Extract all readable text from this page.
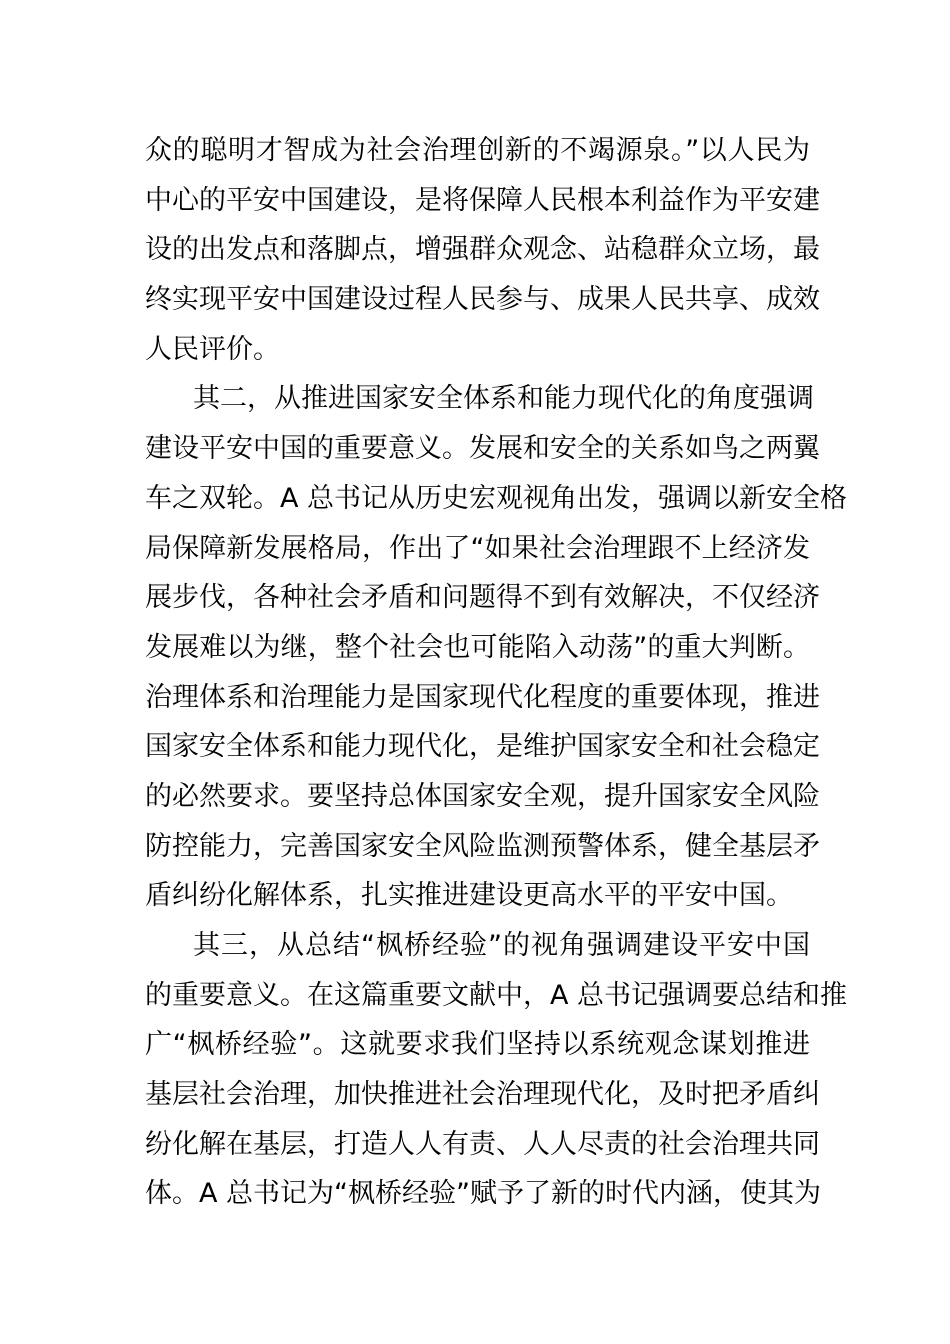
众的聪明才智成为社会治理创新的不竭源泉。”以人民为
中心的平安中国建设，是将保障人民根本利益作为平安建
设的出发点和落脚点，增强群众观念、站稳群众立场，最
终实现平安中国建设过程人民参与、成果人民共享、成效
人民评价。
其二，从推进国家安全体系和能力现代化的角度强调
建设平安中国的重要意义。发展和安全的关系如鸟之两翼
车之双轮。A 总书记从历史宏观视角出发，强调以新安全格
局保障新发展格局，作出了“如果社会治理跟不上经济发
展步伐，各种社会矛盾和问题得不到有效解决，不仅经济
发展难以为继，整个社会也可能陷入动荡”的重大判断。
治理体系和治理能力是国家现代化程度的重要体现，推进
国家安全体系和能力现代化，是维护国家安全和社会稳定
的必然要求。要坚持总体国家安全观，提升国家安全风险
防控能力，完善国家安全风险监测预警体系，健全基层矛
盾纠纷化解体系，扎实推进建设更高水平的平安中国。
其三，从总结“枫桥经验”的视角强调建设平安中国
的重要意义。在这篇重要文献中，A 总书记强调要总结和推
广“枫桥经验”。这就要求我们坚持以系统观念谋划推进
基层社会治理，加快推进社会治理现代化，及时把矛盾纠
纷化解在基层，打造人人有责、人人尽责的社会治理共同
体。A 总书记为“枫桥经验”赋予了新的时代内涵，使其为
